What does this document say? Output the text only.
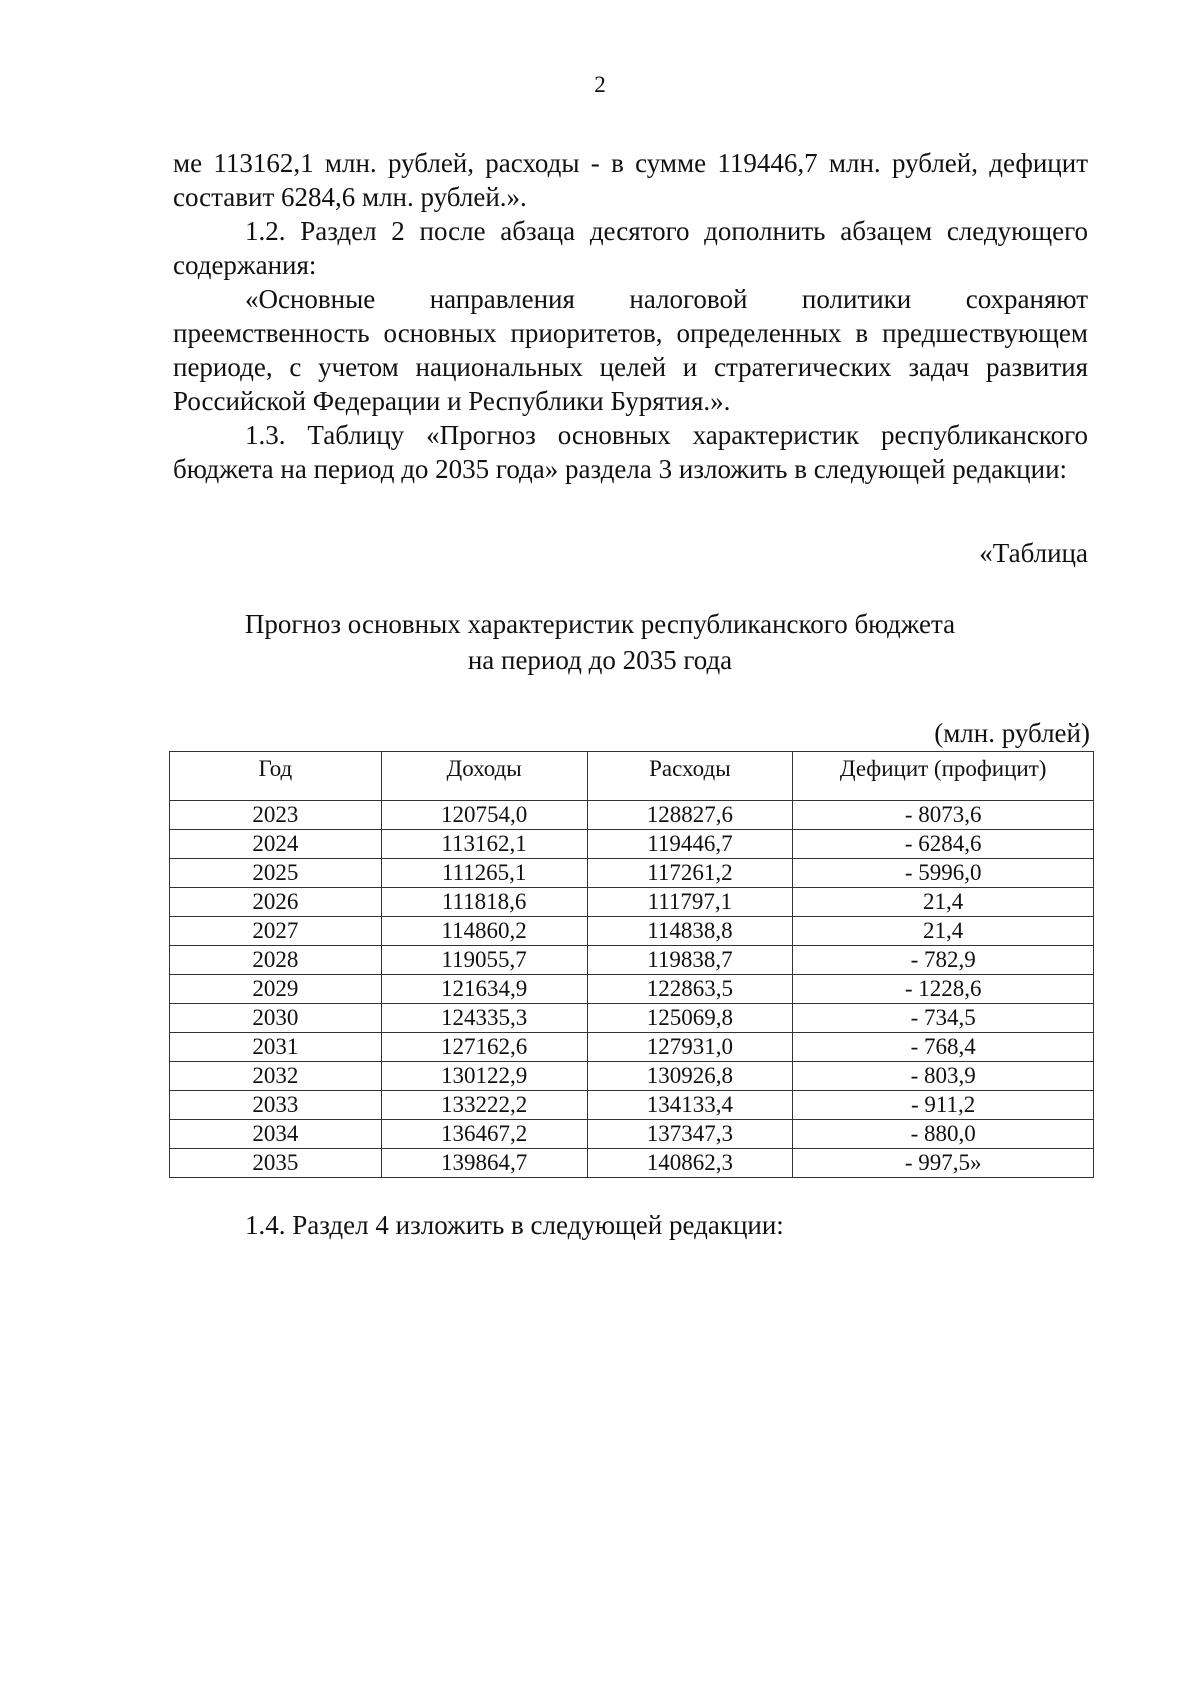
2

ме 113162,1 млн. рублей, расходы - в сумме 119446,7 млн. рублей, дефицит составит 6284,6 млн. рублей.».

1.2. Раздел 2 после абзаца десятого дополнить абзацем следующего содержания:

«Основные направления налоговой политики сохраняют преемственность основных приоритетов, определенных в предшествующем периоде, с учетом национальных целей и стратегических задач развития Российской Федерации и Республики Бурятия.».

1.3. Таблицу «Прогноз основных характеристик республиканского бюджета на период до 2035 года» раздела 3 изложить в следующей редакции:

«Таблица
Прогноз основных характеристик республиканского бюджета
на период до 2035 года
(млн. рублей)
Год	Доходы	Расходы	Дефицит (профицит)
2023	120754,0	128827,6	- 8073,6
2024	113162,1	119446,7	- 6284,6
2025	111265,1	117261,2	- 5996,0
2026	111818,6	111797,1	21,4
2027	114860,2	114838,8	21,4
2028	119055,7	119838,7	- 782,9
2029	121634,9	122863,5	- 1228,6
2030	124335,3	125069,8	- 734,5
2031	127162,6	127931,0	- 768,4
2032	130122,9	130926,8	- 803,9
2033	133222,2	134133,4	- 911,2
2034	136467,2	137347,3	- 880,0
2035	139864,7	140862,3	- 997,5»

1.4. Раздел 4 изложить в следующей редакции:
